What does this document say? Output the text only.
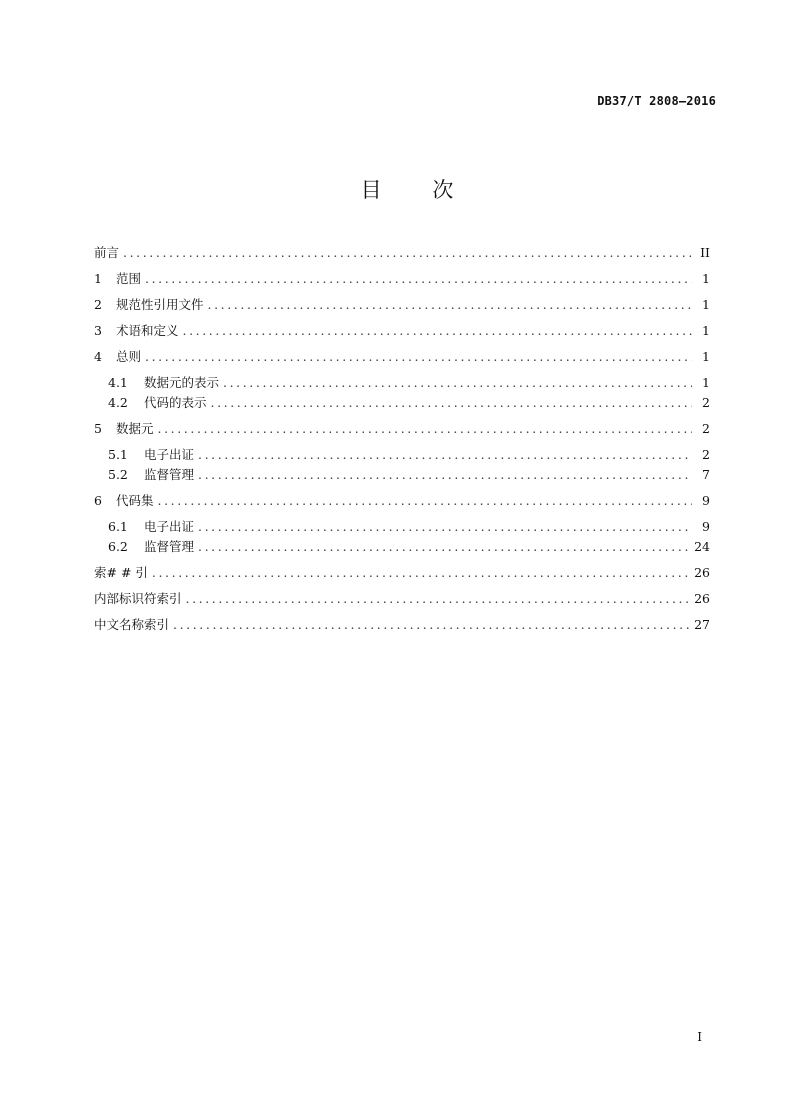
DB37/T 2808—2016
目 次
前言 .....	II
1	范围 .....	1
2	规范性引用文件 .....	1
3	术语和定义 .....	1
4	总则 .....	1
4.1	数据元的表示 .....	1
4.2	代码的表示 .....	2
5	数据元 .....	2
5.1	电子出证 .....	2
5.2	监督管理 .....	7
6	代码集 .....	9
6.1	电子出证 .....	9
6.2	监督管理 .....	24
索# # 引 .....	26
内部标识符索引 .....	26
中文名称索引 .....	27
I
